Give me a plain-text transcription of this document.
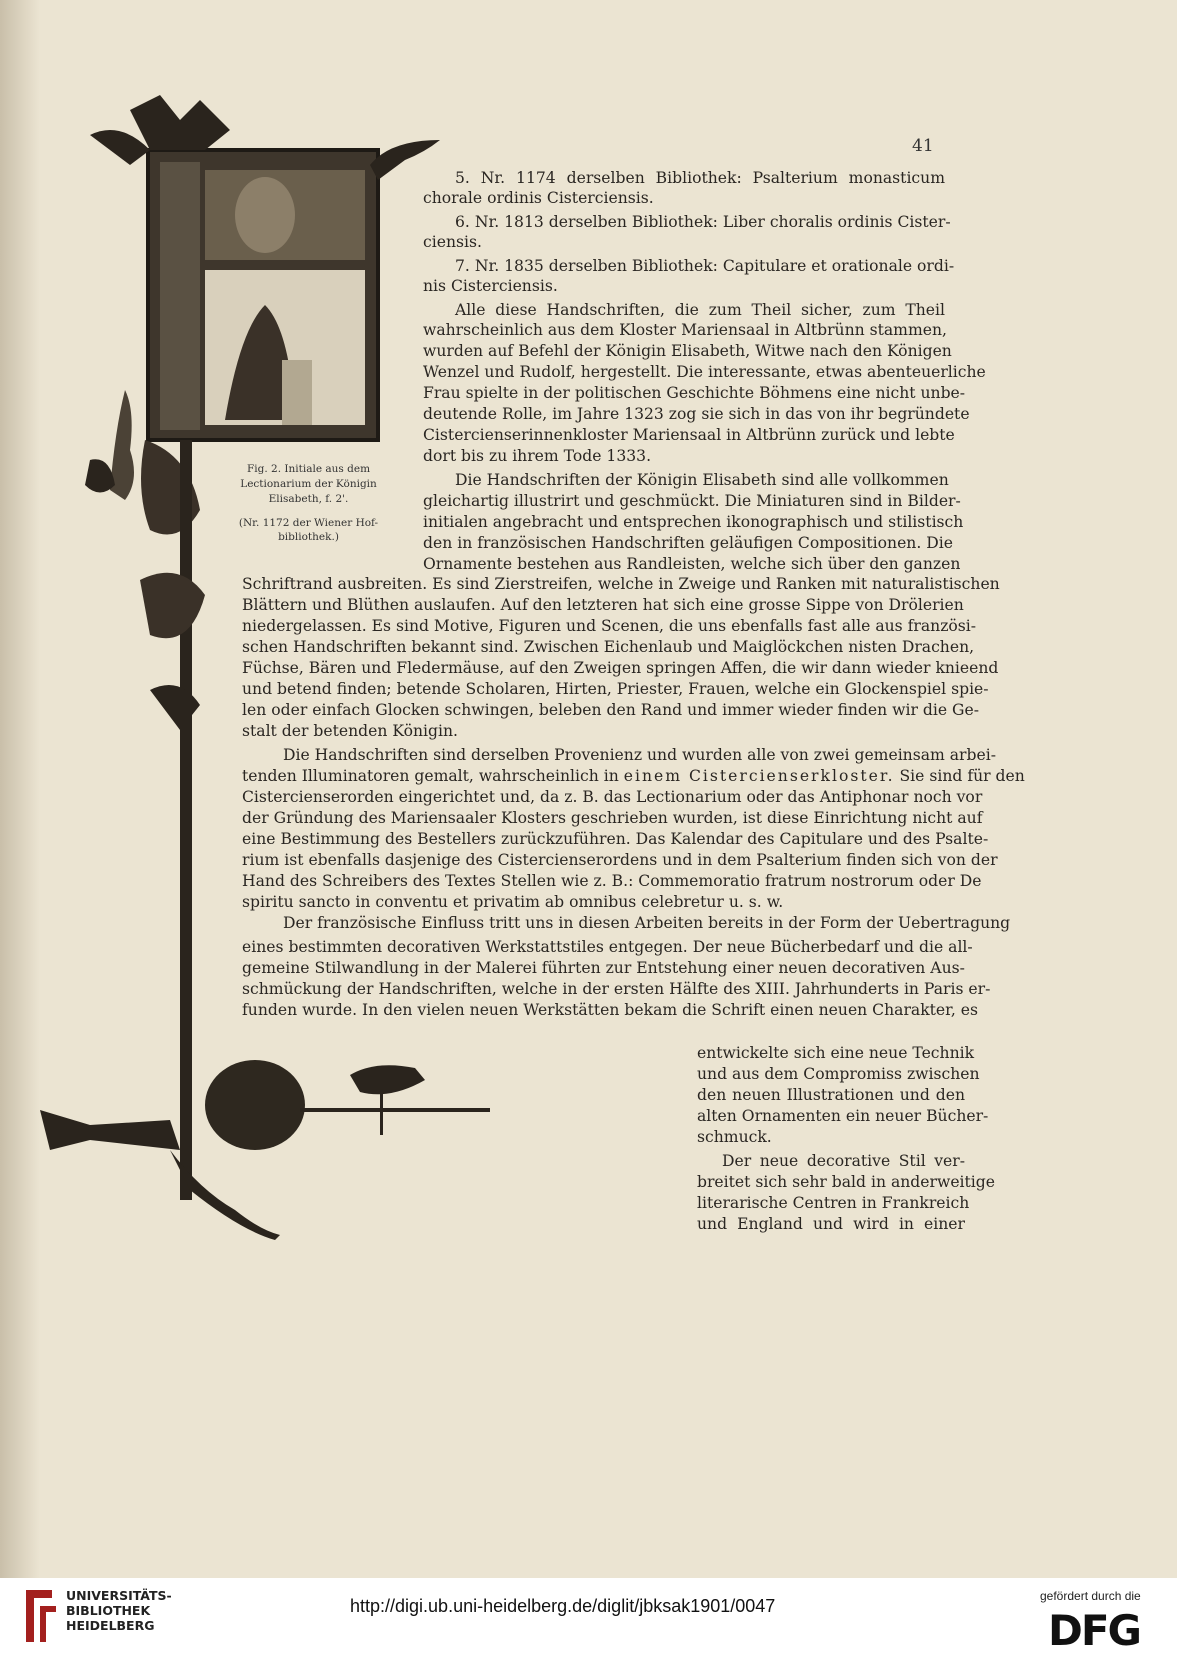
41
Fig. 2. Initiale aus dem
Lectionarium der Königin
Elisabeth, f. 2'.
(Nr. 1172 der Wiener Hof-
bibliothek.)
5. Nr. 1174 derselben Bibliothek: Psalterium monasticum
chorale ordinis Cisterciensis.
6. Nr. 1813 derselben Bibliothek: Liber choralis ordinis Cister-
ciensis.
7. Nr. 1835 derselben Bibliothek: Capitulare et orationale ordi-
nis Cisterciensis.
Alle diese Handschriften, die zum Theil sicher, zum Theil
wahrscheinlich aus dem Kloster Mariensaal in Altbrünn stammen,
wurden auf Befehl der Königin Elisabeth, Witwe nach den Königen
Wenzel und Rudolf, hergestellt. Die interessante, etwas abenteuerliche
Frau spielte in der politischen Geschichte Böhmens eine nicht unbe-
deutende Rolle, im Jahre 1323 zog sie sich in das von ihr begründete
Cistercienserinnenkloster Mariensaal in Altbrünn zurück und lebte
dort bis zu ihrem Tode 1333.
Die Handschriften der Königin Elisabeth sind alle vollkommen
gleichartig illustrirt und geschmückt. Die Miniaturen sind in Bilder-
initialen angebracht und entsprechen ikonographisch und stilistisch
den in französischen Handschriften geläufigen Compositionen. Die
Ornamente bestehen aus Randleisten, welche sich über den ganzen
Schriftrand ausbreiten. Es sind Zierstreifen, welche in Zweige und Ranken mit naturalistischen
Blättern und Blüthen auslaufen. Auf den letzteren hat sich eine grosse Sippe von Drölerien
niedergelassen. Es sind Motive, Figuren und Scenen, die uns ebenfalls fast alle aus französi-
schen Handschriften bekannt sind. Zwischen Eichenlaub und Maiglöckchen nisten Drachen,
Füchse, Bären und Fledermäuse, auf den Zweigen springen Affen, die wir dann wieder knieend
und betend finden; betende Scholaren, Hirten, Priester, Frauen, welche ein Glockenspiel spie-
len oder einfach Glocken schwingen, beleben den Rand und immer wieder finden wir die Ge-
stalt der betenden Königin.
Die Handschriften sind derselben Provenienz und wurden alle von zwei gemeinsam arbei-
tenden Illuminatoren gemalt, wahrscheinlich in einem Cistercienserkloster. Sie sind für den
Cistercienserorden eingerichtet und, da z. B. das Lectionarium oder das Antiphonar noch vor
der Gründung des Mariensaaler Klosters geschrieben wurden, ist diese Einrichtung nicht auf
eine Bestimmung des Bestellers zurückzuführen. Das Kalendar des Capitulare und des Psalte-
rium ist ebenfalls dasjenige des Cistercienserordens und in dem Psalterium finden sich von der
Hand des Schreibers des Textes Stellen wie z. B.: Commemoratio fratrum nostrorum oder De
spiritu sancto in conventu et privatim ab omnibus celebretur u. s. w.
Der französische Einfluss tritt uns in diesen Arbeiten bereits in der Form der Uebertragung
eines bestimmten decorativen Werkstattstiles entgegen. Der neue Bücherbedarf und die all-
gemeine Stilwandlung in der Malerei führten zur Entstehung einer neuen decorativen Aus-
schmückung der Handschriften, welche in der ersten Hälfte des XIII. Jahrhunderts in Paris er-
funden wurde. In den vielen neuen Werkstätten bekam die Schrift einen neuen Charakter, es
entwickelte sich eine neue Technik
und aus dem Compromiss zwischen
den neuen Illustrationen und den
alten Ornamenten ein neuer Bücher-
schmuck.
Der neue decorative Stil ver-
breitet sich sehr bald in anderweitige
literarische Centren in Frankreich
und England und wird in einer
UNIVERSITÄTS-
BIBLIOTHEK
HEIDELBERG
http://digi.ub.uni-heidelberg.de/diglit/jbksak1901/0047	gefördert durch die
DFG
